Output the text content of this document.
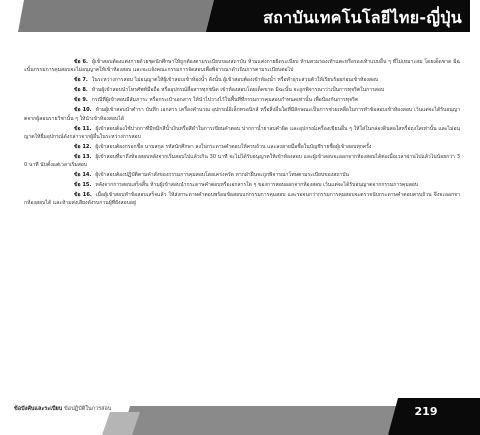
สถาบันเทคโนโลยีไทย-ญี่ปุ่น

ข้อ 6. ผู้เข้าสอบต้องแต่งกายด้วยชุดนักศึกษาให้ถูกต้องตามระเบียบของสถาบัน ห้ามแต่งกายผิดระเบียบ ห้ามสวมรองเท้าแตะหรือรองเท้าแบบอื่น ๆ ที่ไม่เหมาะสม โดยเด็ดขาด มิฉะนั้นกรรมการคุมสอบจะไม่อนุญาตให้เข้าห้องสอบ และจะแจ้งคณะกรรมการจัดสอบเพื่อพิจารณาดำเนินการตามระเบียบต่อไป

ข้อ 7. ในระหว่างการสอบ ไม่อนุญาตให้ผู้เข้าสอบเข้าห้องน้ำ ดังนั้น ผู้เข้าสอบต้องเข้าห้องน้ำ หรือทำธุระส่วนตัวให้เรียบร้อยก่อนเข้าห้องสอบ

ข้อ 8. ห้ามผู้เข้าสอบนำโทรศัพท์มือถือ หรืออุปกรณ์สื่อสารทุกชนิด เข้าห้องสอบโดยเด็ดขาด มิฉะนั้น จะถูกพิจารณาว่าเป็นการทุจริตในการสอบ

ข้อ 9. กรณีที่ผู้เข้าสอบมีสัมภาระ หรือกระเป๋าเอกสาร ให้นำไปวางไว้ในพื้นที่ที่กรรมการคุมสอบกำหนดเท่านั้น เพื่อป้องกันการทุจริต

ข้อ 10. ห้ามผู้เข้าสอบนำตำรา บันทึก เอกสาร เครื่องคำนวณ อุปกรณ์อิเล็กทรอนิกส์ หรือสิ่งอื่นใดที่มีลักษณะเป็นการช่วยเหลือในการทำข้อสอบเข้าห้องสอบ เว้นแต่จะได้รับอนุญาตจากผู้สอนรายวิชานั้น ๆ ให้นำเข้าห้องสอบได้

ข้อ 11. ผู้เข้าสอบต้องใช้ปากกาที่มีหมึกสีน้ำเงินหรือสีดำในการเขียนคำตอบ ปากกาน้ำยาลบคำผิด และอุปกรณ์เครื่องเขียนอื่น ๆ ให้ใส่ในกล่องดินสอใสหรือถุงใสเท่านั้น และไม่อนุญาตให้ยืมอุปกรณ์ดังกล่าวจากผู้อื่นในระหว่างการสอบ

ข้อ 12. ผู้เข้าสอบต้องกรอกชื่อ นามสกุล รหัสนักศึกษา ลงในกระดาษคำตอบให้ครบถ้วน และลงลายมือชื่อในบัญชีรายชื่อผู้เข้าสอบทุกครั้ง

ข้อ 13. ผู้เข้าสอบที่มาถึงห้องสอบหลังจากเริ่มสอบไปแล้วเกิน 30 นาที จะไม่ได้รับอนุญาตให้เข้าห้องสอบ และผู้เข้าสอบจะออกจากห้องสอบได้ต่อเมื่อเวลาผ่านไปแล้วไม่น้อยกว่า 30 นาที นับตั้งแต่เวลาเริ่มสอบ

ข้อ 14. ผู้เข้าสอบต้องปฏิบัติตามคำสั่งของกรรมการคุมสอบโดยเคร่งครัด หากฝ่าฝืนจะถูกพิจารณาโทษตามระเบียบของสถาบัน

ข้อ 15. หลังจากการสอบเสร็จสิ้น ห้ามผู้เข้าสอบนำกระดาษคำตอบหรือเอกสารใด ๆ ของการสอบออกจากห้องสอบ เว้นแต่จะได้รับอนุญาตจากกรรมการคุมสอบ

ข้อ 16. เมื่อผู้เข้าสอบทำข้อสอบเสร็จแล้ว ให้ส่งกระดาษคำตอบพร้อมข้อสอบแก่กรรมการคุมสอบ และรอจนกว่ากรรมการคุมสอบจะตรวจนับกระดาษคำตอบครบถ้วน จึงจะออกจากห้องสอบได้ และห้ามส่งเสียงดังรบกวนผู้ที่ยังสอบอยู่

ข้อบังคับและระเบียบ ข้อปฏิบัติในการสอบ	219
